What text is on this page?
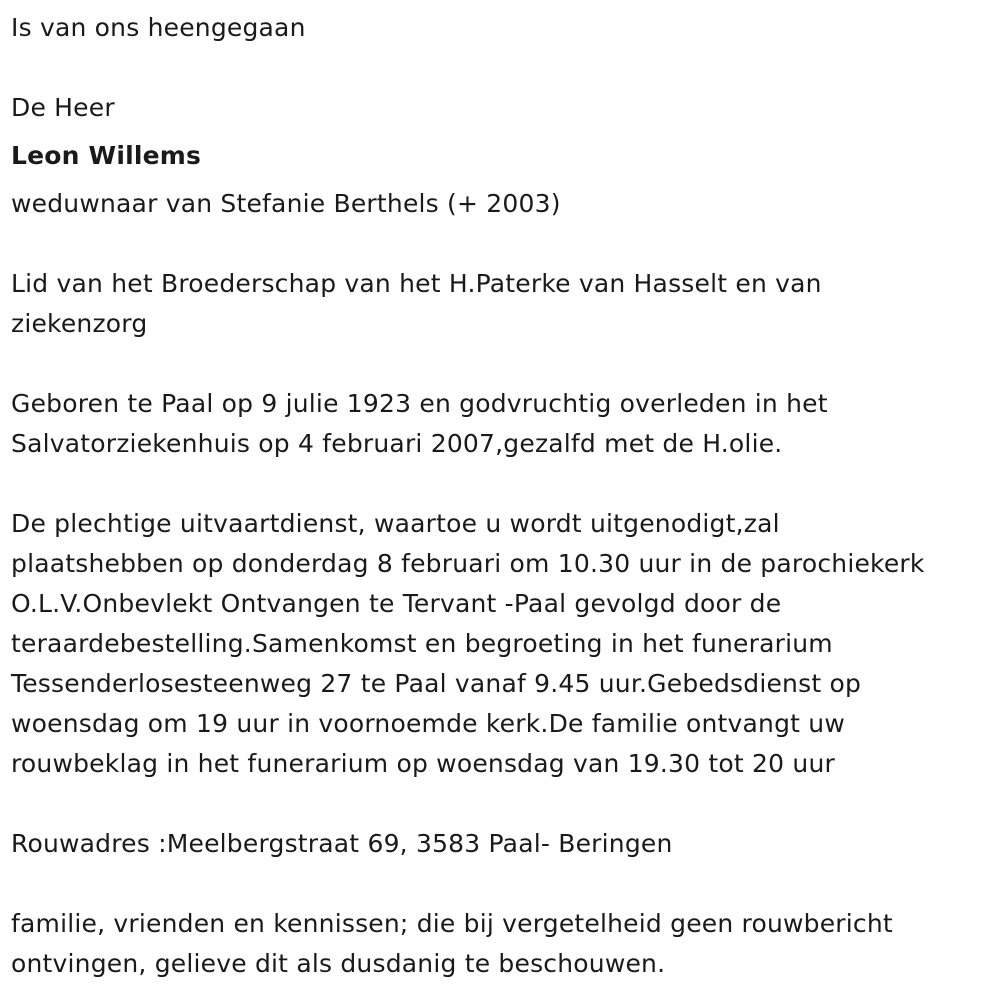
Is van ons heengegaan
De Heer
Leon Willems
weduwnaar van Stefanie Berthels (+ 2003)
Lid van het Broederschap van het H.Paterke van Hasselt en van
ziekenzorg
Geboren te Paal op 9 julie 1923 en godvruchtig overleden in het
Salvatorziekenhuis op 4 februari 2007,gezalfd met de H.olie.
De plechtige uitvaartdienst, waartoe u wordt uitgenodigt,zal
plaatshebben op donderdag 8 februari om 10.30 uur in de parochiekerk
O.L.V.Onbevlekt Ontvangen te Tervant -Paal gevolgd door de
teraardebestelling.Samenkomst en begroeting in het funerarium
Tessenderlosesteenweg 27 te Paal vanaf 9.45 uur.Gebedsdienst op
woensdag om 19 uur in voornoemde kerk.De familie ontvangt uw
rouwbeklag in het funerarium op woensdag van 19.30 tot 20 uur
Rouwadres :Meelbergstraat 69, 3583 Paal- Beringen
familie, vrienden en kennissen; die bij vergetelheid geen rouwbericht
ontvingen, gelieve dit als dusdanig te beschouwen.
